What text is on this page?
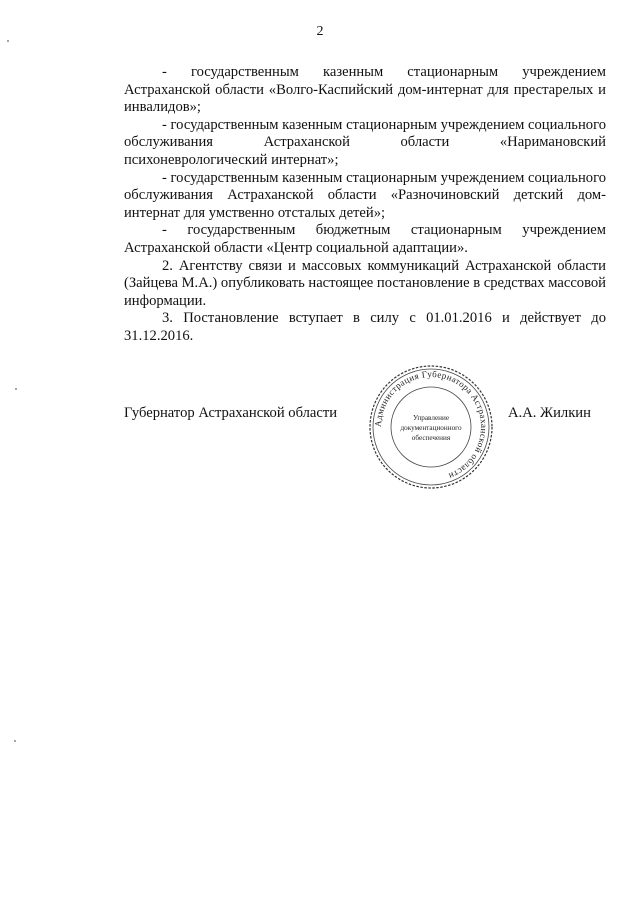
2

- государственным казенным стационарным учреждением Астраханской области «Волго-Каспийский дом-интернат для престарелых и инвалидов»;

- государственным казенным стационарным учреждением социального обслуживания Астраханской области «Наримановский психоневрологический интернат»;

- государственным казенным стационарным учреждением социального обслуживания Астраханской области «Разночиновский детский дом-интернат для умственно отсталых детей»;

- государственным бюджетным стационарным учреждением Астраханской области «Центр социальной адаптации».

2. Агентству связи и массовых коммуникаций Астраханской области (Зайцева М.А.) опубликовать настоящее постановление в средствах массовой информации.

3. Постановление вступает в силу с 01.01.2016 и действует до 31.12.2016.

Губернатор Астраханской области
Администрация Губернатора Астраханской области
Управление
документационного
обеспечения
А.А. Жилкин
